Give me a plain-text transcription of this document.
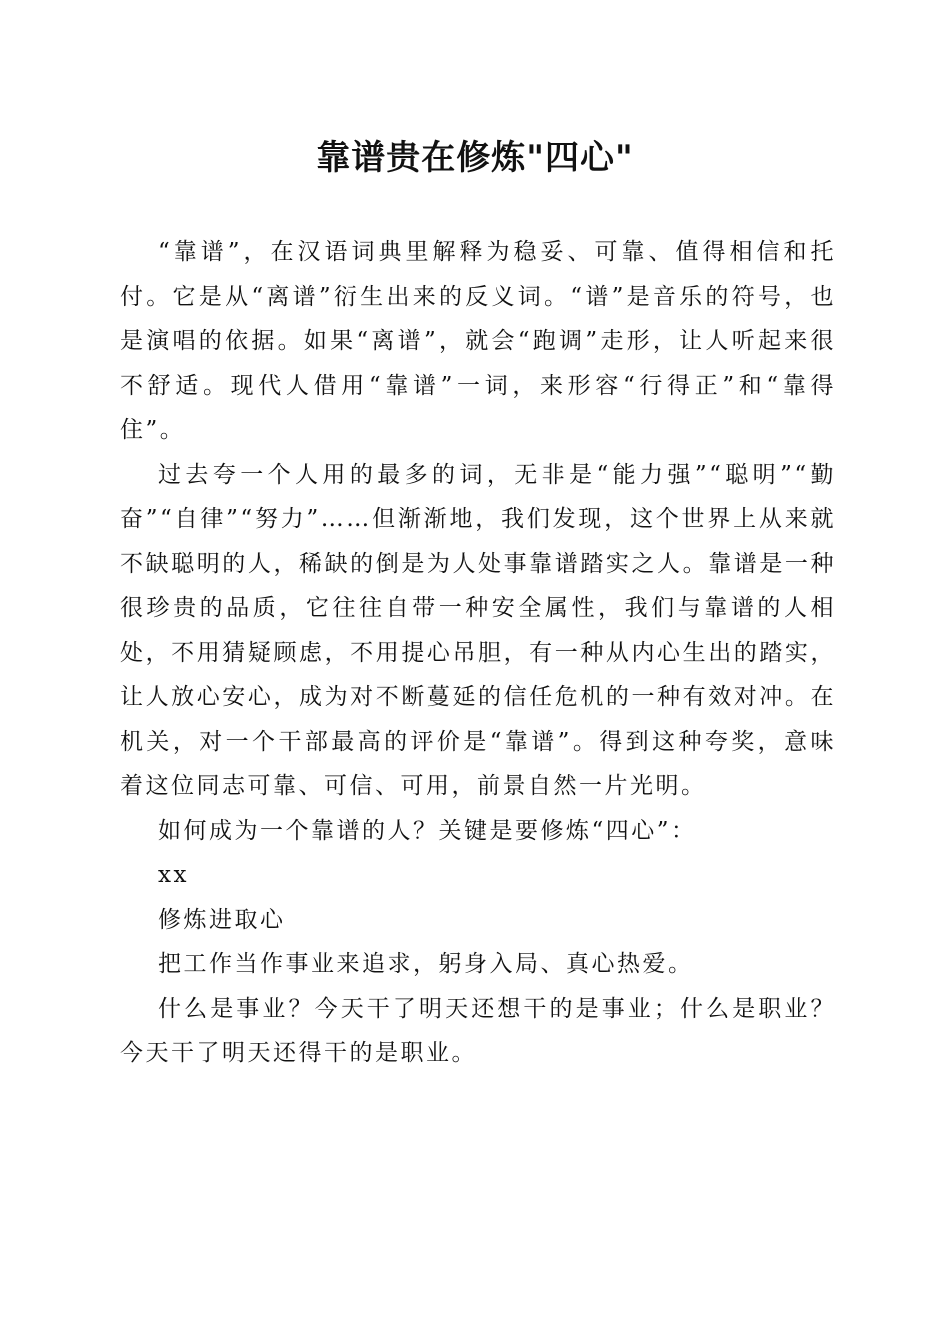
靠谱贵在修炼"四心"

“靠谱”，在汉语词典里解释为稳妥、可靠、值得相信和托付。它是从“离谱”衍生出来的反义词。“谱”是音乐的符号，也是演唱的依据。如果“离谱”，就会“跑调”走形，让人听起来很不舒适。现代人借用“靠谱”一词，来形容“行得正”和“靠得住”。

过去夸一个人用的最多的词，无非是“能力强”“聪明”“勤奋”“自律”“努力”……但渐渐地，我们发现，这个世界上从来就不缺聪明的人，稀缺的倒是为人处事靠谱踏实之人。靠谱是一种很珍贵的品质，它往往自带一种安全属性，我们与靠谱的人相处，不用猜疑顾虑，不用提心吊胆，有一种从内心生出的踏实，让人放心安心，成为对不断蔓延的信任危机的一种有效对冲。在机关，对一个干部最高的评价是“靠谱”。得到这种夸奖，意味着这位同志可靠、可信、可用，前景自然一片光明。

如何成为一个靠谱的人？关键是要修炼“四心”：

xx

修炼进取心

把工作当作事业来追求，躬身入局、真心热爱。

什么是事业？今天干了明天还想干的是事业；什么是职业？今天干了明天还得干的是职业。
